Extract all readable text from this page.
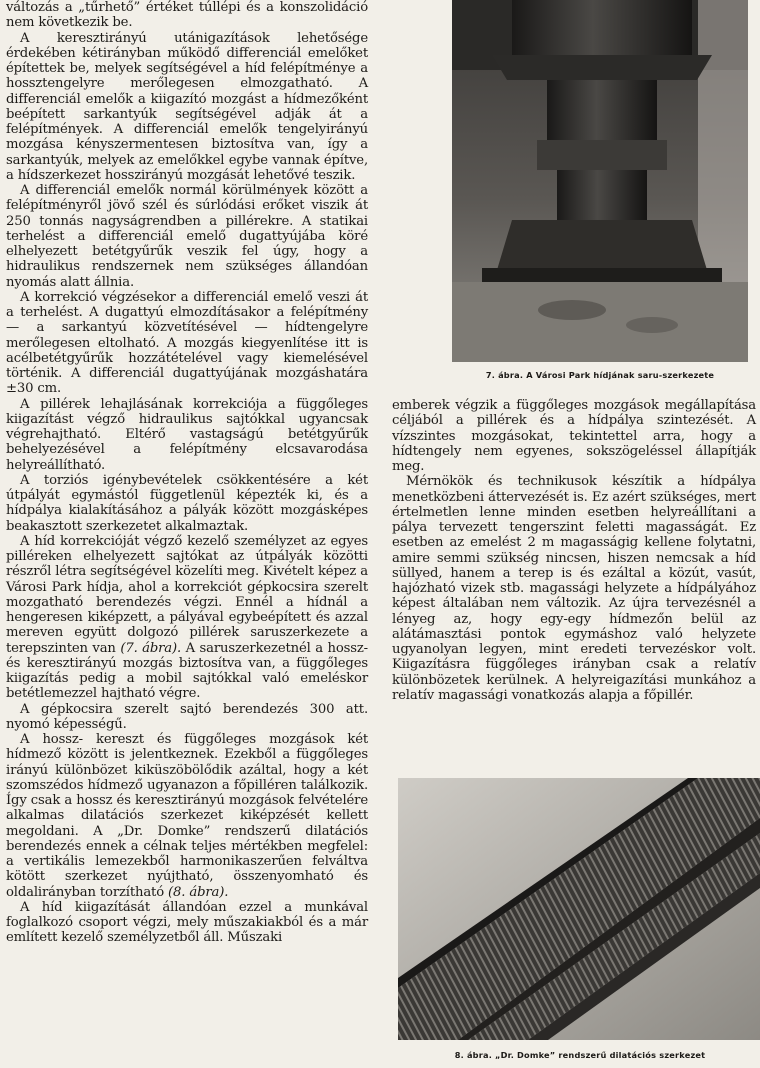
változás a „tűrhető” értéket túllépi és a konszolidáció nem következik be.

A keresztirányú utánigazítások lehetősége érdekében kétirányban működő differenciál emelőket építettek be, melyek segítségével a híd felépítménye a hossztengelyre merőlegesen elmozgatható. A differenciál emelők a kiigazító mozgást a hídmezőként beépített sarkantyúk segítségével adják át a felépítmények. A differenciál emelők tengelyirányú mozgása kényszermentesen biztosítva van, így a sarkantyúk, melyek az emelőkkel egybe vannak építve, a hídszerkezet hosszirányú mozgását lehetővé teszik.

A differenciál emelők normál körülmények között a felépítményről jövő szél és súrlódási erőket viszik át 250 tonnás nagyságrendben a pillérekre. A statikai terhelést a differenciál emelő dugattyújába köré elhelyezett betétgyűrűk veszik fel úgy, hogy a hidraulikus rendszernek nem szükséges állandóan nyomás alatt állnia.

A korrekció végzésekor a differenciál emelő veszi át a terhelést. A dugattyú elmozdításakor a felépítmény — a sarkantyú közvetítésével — hídtengelyre merőlegesen eltolható. A mozgás kiegyenlítése itt is acélbetétgyűrűk hozzátételével vagy kiemelésével történik. A differenciál dugattyújának mozgáshatára ±30 cm.

A pillérek lehajlásának korrekciója a függőleges kiigazítást végző hidraulikus sajtókkal ugyancsak végrehajtható. Eltérő vastagságú betétgyűrűk behelyezésével a felépítmény elcsavarodása helyreállítható.

A torziós igénybevételek csökkentésére a két útpályát egymástól függetlenül képezték ki, és a hídpálya kialakításához a pályák között mozgásképes beakasztott szerkezetet alkalmaztak.

A híd korrekcióját végző kezelő személyzet az egyes pilléreken elhelyezett sajtókat az útpályák közötti részről létra segítségével közelíti meg. Kivételt képez a Városi Park hídja, ahol a korrekciót gépkocsira szerelt mozgatható berendezés végzi. Ennél a hídnál a hengeresen kiképzett, a pályával egybeépített és azzal mereven együtt dolgozó pillérek saruszerkezete a terepszinten van (7. ábra). A saruszerkezetnél a hossz- és keresztirányú mozgás biztosítva van, a függőleges kiigazítás pedig a mobil sajtókkal való emeléskor betétlemezzel hajtható végre.

A gépkocsira szerelt sajtó berendezés 300 att. nyomó képességű.

A hossz- kereszt és függőleges mozgások két hídmező között is jelentkeznek. Ezekből a függőleges irányú különbözet kiküszöbölődik azáltal, hogy a két szomszédos hídmező ugyanazon a főpilléren találkozik. Így csak a hossz és keresztirányú mozgások felvételére alkalmas dilatációs szerkezet kiképzését kellett megoldani. A „Dr. Domke” rendszerű dilatációs berendezés ennek a célnak teljes mértékben megfelel: a vertikális lemezekből harmonikaszerűen felváltva kötött szerkezet nyújtható, összenyomható és oldalirányban torzítható (8. ábra).

A híd kiigazítását állandóan ezzel a munkával foglalkozó csoport végzi, mely műszakiakból és a már említett kezelő személyzetből áll. Műszaki

7. ábra. A Városi Park hídjának saru-szerkezete

emberek végzik a függőleges mozgások megállapítása céljából a pillérek és a hídpálya szintezését. A vízszintes mozgásokat, tekintettel arra, hogy a hídtengely nem egyenes, sokszögeléssel állapítják meg.

Mérnökök és technikusok készítik a hídpálya menetközbeni áttervezését is. Ez azért szükséges, mert értelmetlen lenne minden esetben helyreállítani a pálya tervezett tengerszint feletti magasságát. Ez esetben az emelést 2 m magasságig kellene folytatni, amire semmi szükség nincsen, hiszen nemcsak a híd süllyed, hanem a terep is és ezáltal a közút, vasút, hajózható vizek stb. magassági helyzete a hídpályához képest általában nem változik. Az újra tervezésnél a lényeg az, hogy egy-egy hídmezőn belül az alátámasztási pontok egymáshoz való helyzete ugyanolyan legyen, mint eredeti tervezéskor volt. Kiigazításra függőleges irányban csak a relatív különbözetek kerülnek. A helyreigazítási munkához a relatív magassági vonatkozás alapja a főpillér.

8. ábra. „Dr. Domke” rendszerű dilatációs szerkezet
